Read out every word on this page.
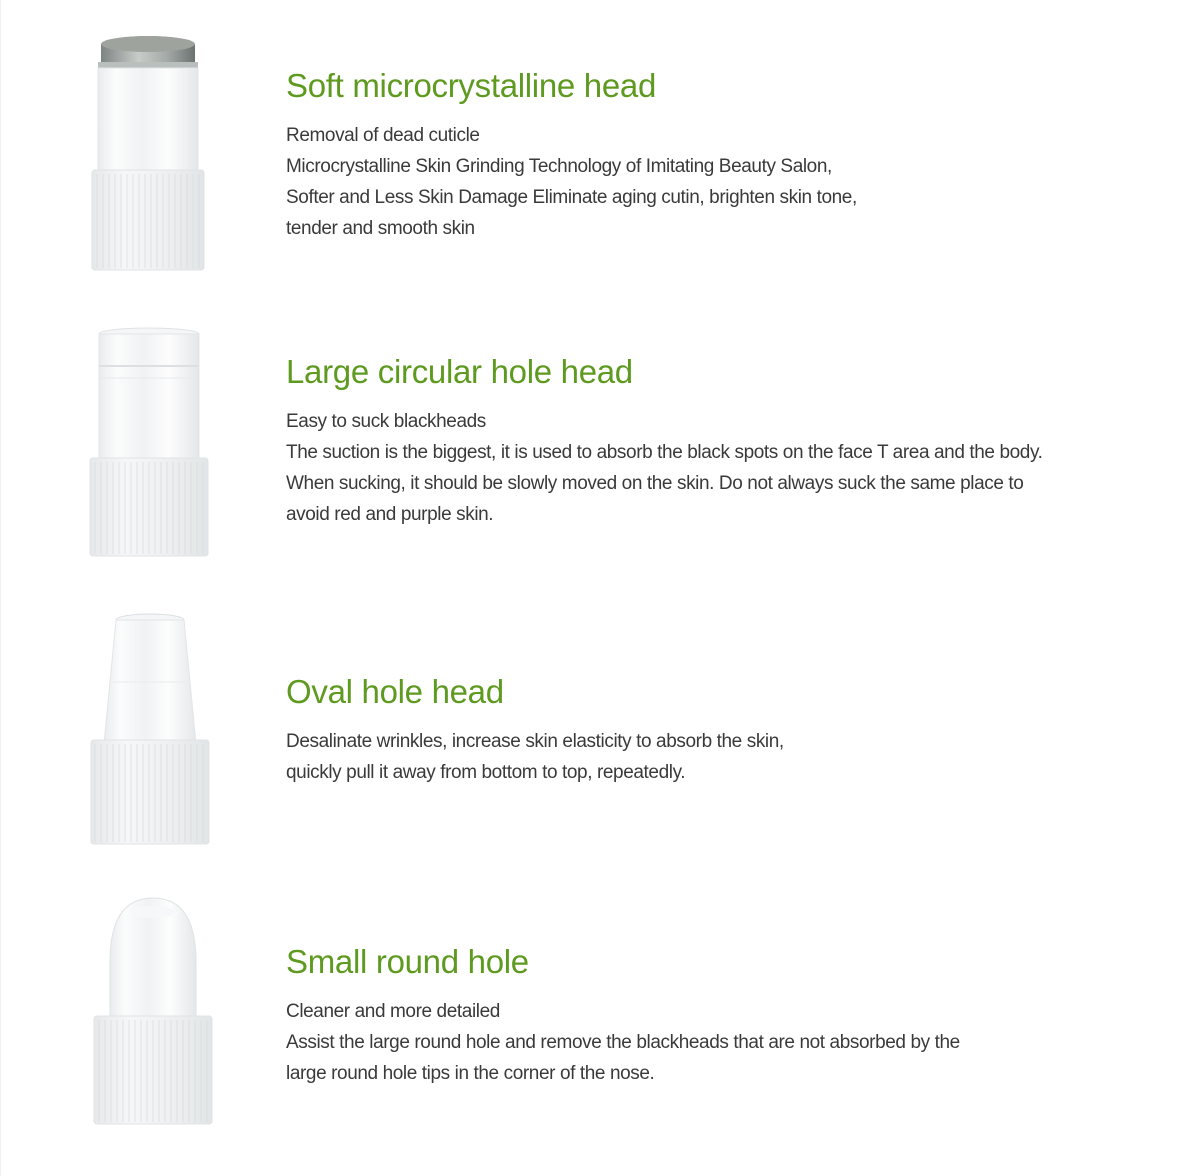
Soft microcrystalline head
Removal of dead cuticle
Microcrystalline Skin Grinding Technology of Imitating Beauty Salon,
Softer and Less Skin Damage Eliminate aging cutin, brighten skin tone,
tender and smooth skin
Large circular hole head
Easy to suck blackheads
The suction is the biggest, it is used to absorb the black spots on the face T area and the body.
When sucking, it should be slowly moved on the skin. Do not always suck the same place to
avoid red and purple skin.
Oval hole head
Desalinate wrinkles, increase skin elasticity to absorb the skin,
quickly pull it away from bottom to top, repeatedly.
Small round hole
Cleaner and more detailed
Assist the large round hole and remove the blackheads that are not absorbed by the
large round hole tips in the corner of the nose.
